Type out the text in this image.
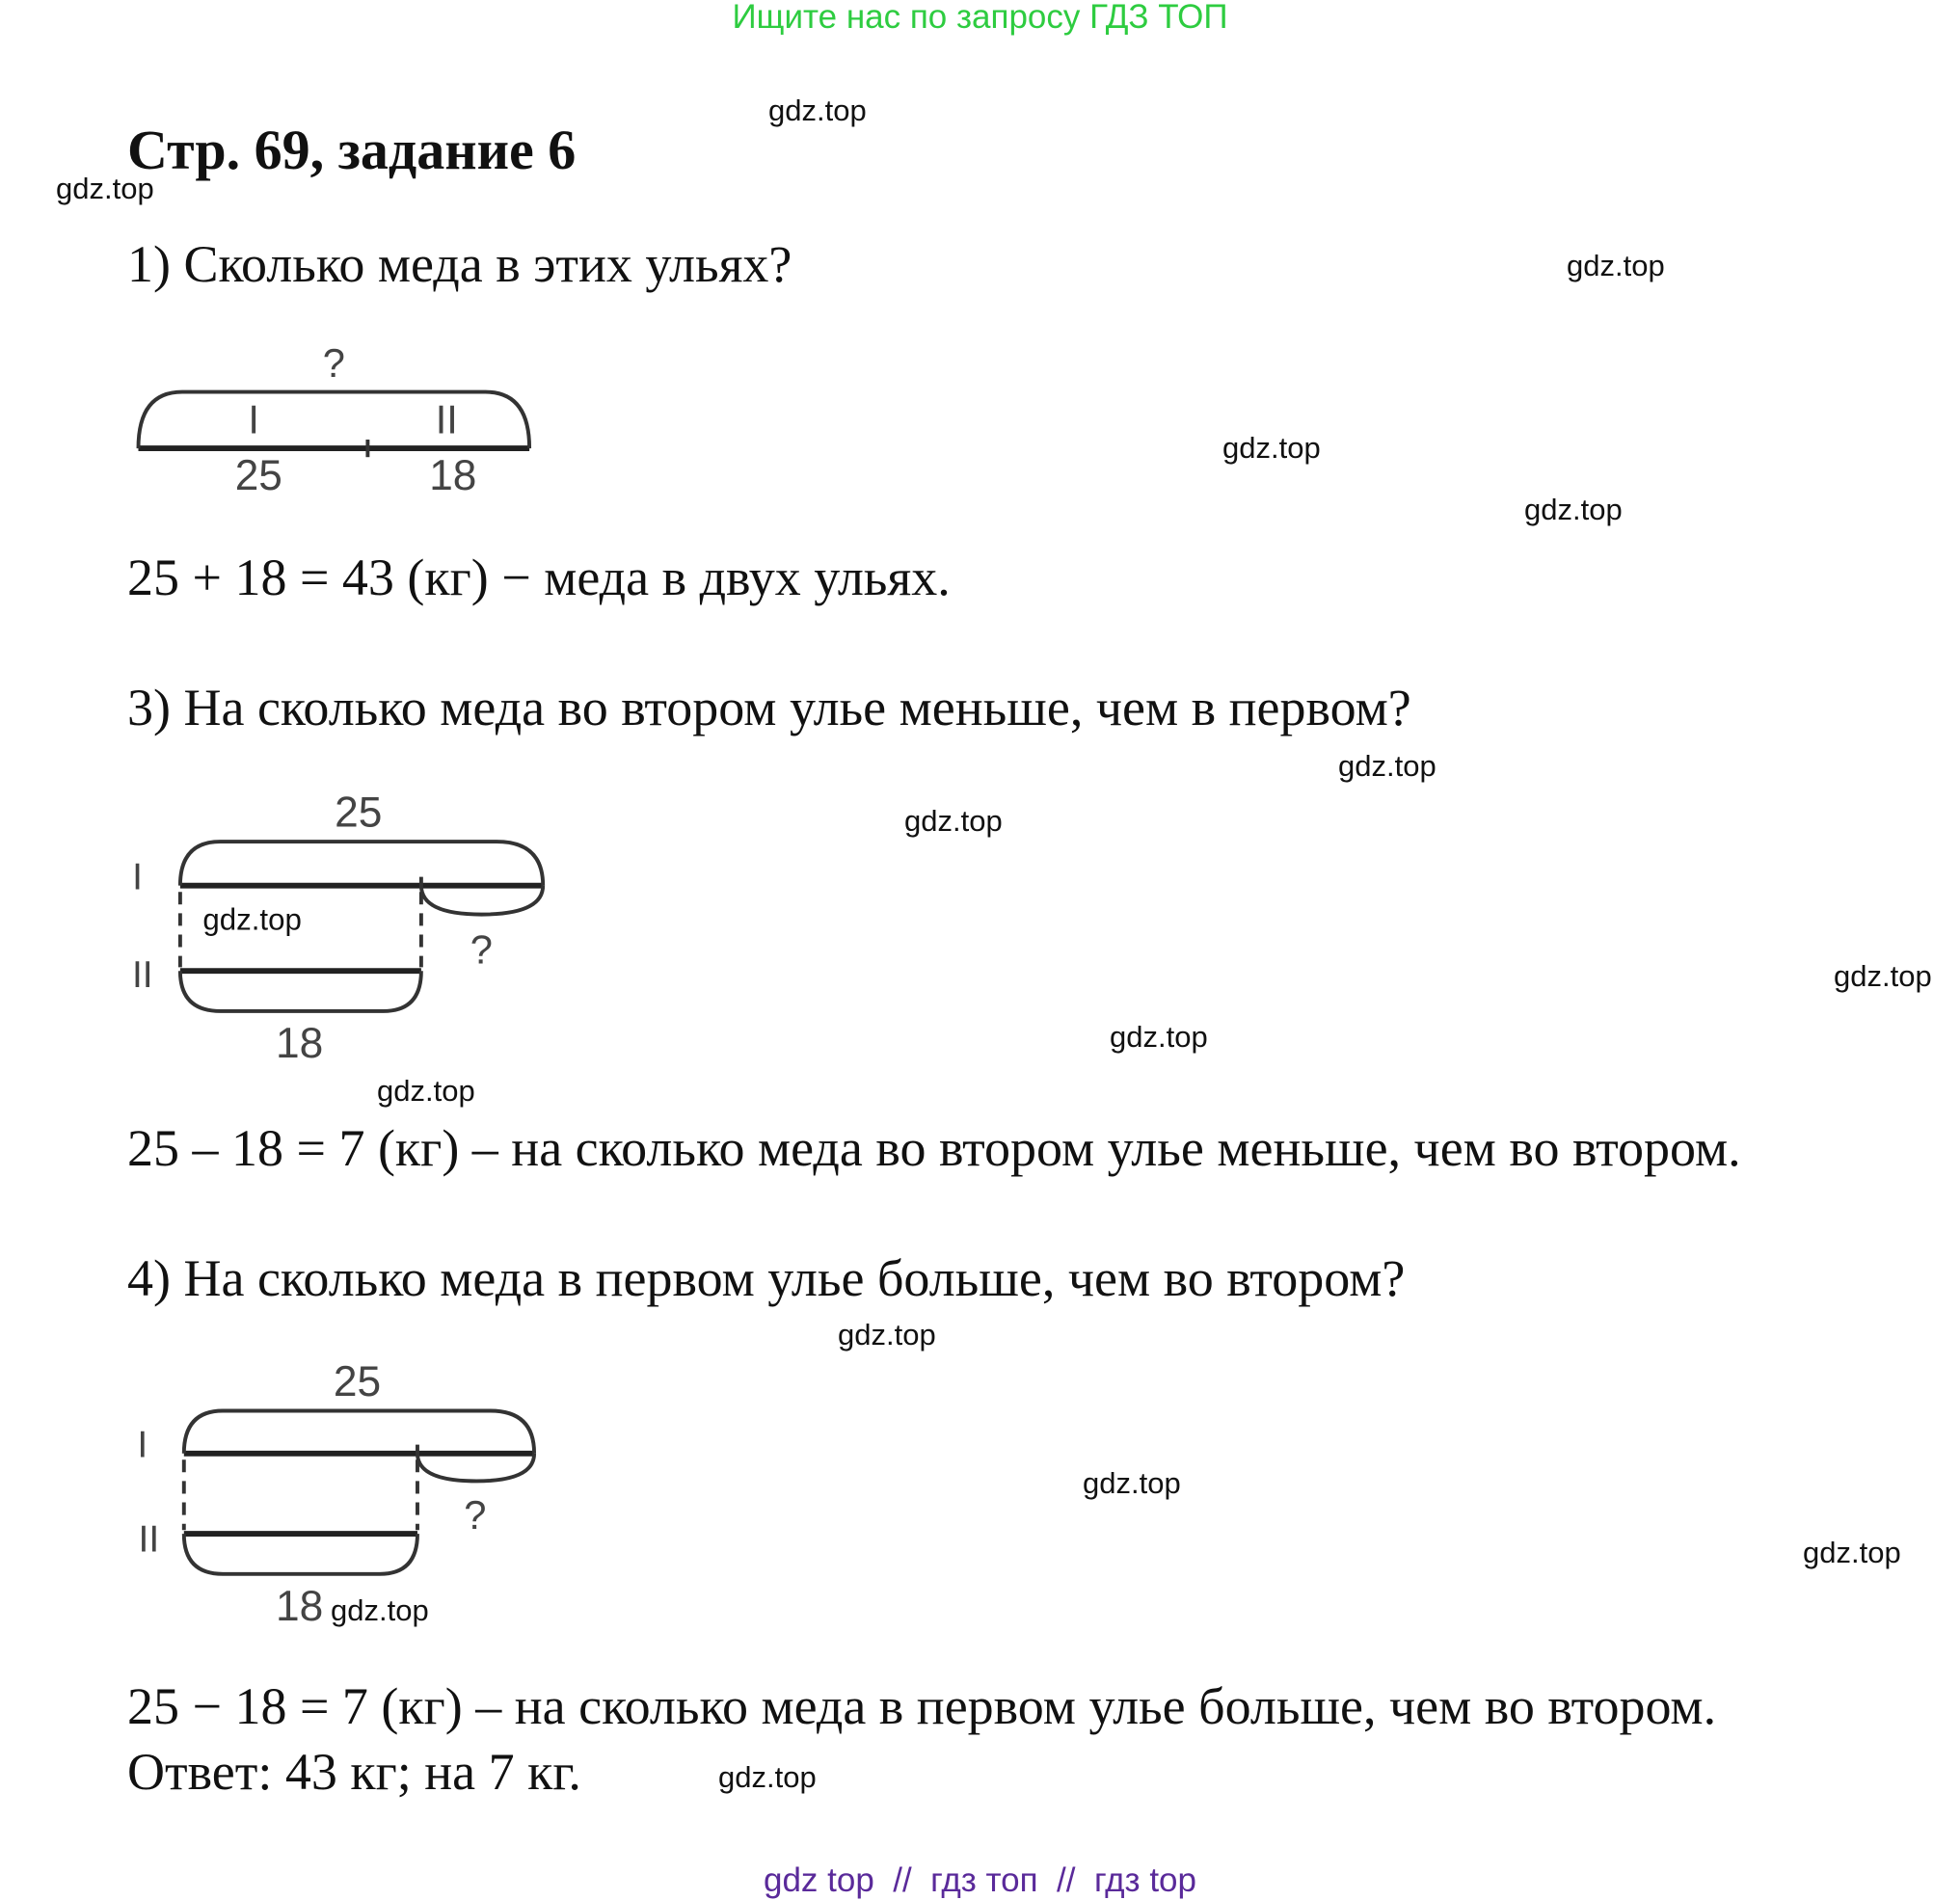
Ищите нас по запросу ГДЗ ТОП
Стр. 69, задание 6
1) Сколько меда в этих ульях?
?
I	II
25	18
25 + 18 = 43 (кг) − меда в двух ульях.
3) На сколько меда во втором улье меньше, чем в первом?
25
I
II
?
18
gdz.top
25 – 18 = 7 (кг) – на сколько меда во втором улье меньше, чем во втором.
4) На сколько меда в первом улье больше, чем во втором?
25
I
II
?
18
25 − 18 = 7 (кг) – на сколько меда в первом улье больше, чем во втором.
Ответ: 43 кг; на 7 кг.
gdz.top
gdz.top
gdz.top
gdz.top
gdz.top
gdz.top
gdz.top
gdz.top
gdz.top
gdz.top
gdz.top
gdz.top
gdz.top
gdz.top
gdz.top
gdz top  //  гдз топ  //  гдз top
